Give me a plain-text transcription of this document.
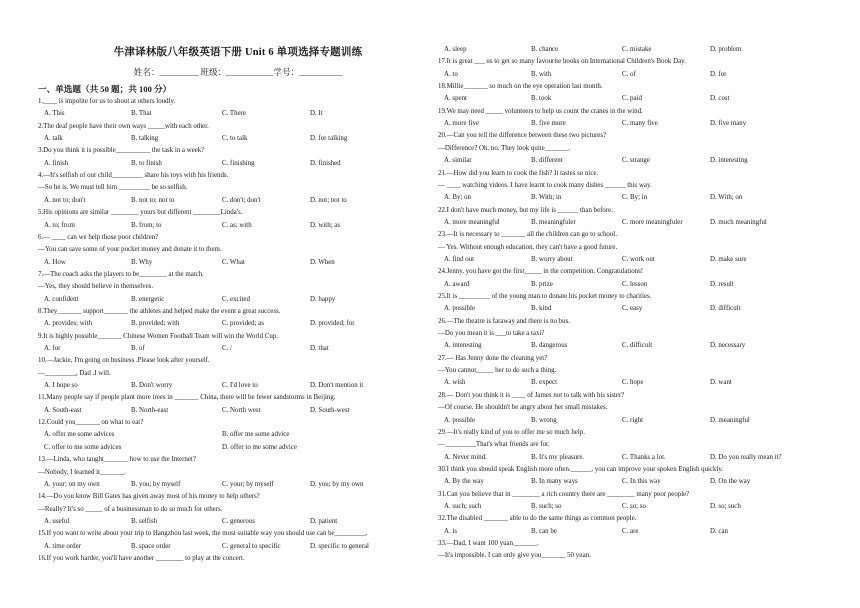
牛津译林版八年级英语下册 Unit 6 单项选择专题训练
姓名：_________ 班级：___________学号：__________
一、单选题（共 50 题；共 100 分）
1.____ is impolite for us to shout at others loudly.
A. This	B. That	C. There	D. It
2.The deaf people have their own ways _____with each other.
A. talk	B. talking	C. to talk	D. for talking
3.Do you think it is possible__________ the task in a week?
A. finish	B. to finish	C. finishing	D. finished
4.—It's selfish of our child_________ share his toys with his friends.
—So he is. We must tell him _________ be so selfish.
A. not to; don't	B. not to; not to	C. don't; don't	D. not; not to
5.His opinions are similar ________ yours but different ________Linda's.
A. to; from	B. from; to	C. as; with	D. with; as
6.— ____ can we help those poor children?
—You can save some of your pocket money and donate it to them.
A. How	B. Why	C. What	D. When
7.—The coach asks the players to be________ at the match.
—Yes, they should believe in themselves.
A. confident	B. energetic	C. excited	D. happy
8.They_______ support_______ the athletes and helped make the event a great success.
A. provides; with	B. provided; with	C. provided; as	D. provided; for
9.It is highly possible_______ Chinese Women Football Team will win the World Cup.
A. for	B. of	C. /	D. that
10.—Jackie, I'm going on business .Please look after yourself.
—_________, Dad .I will.
A. I hope so	B. Don't worry	C. I'd love to	D. Don't mention it
11.Many people say if people plant more trees in _______ China, there will be fewer sandstorms in Beijing.
A. South-east	B. North-east	C. North west	D. South-west
12.Could you_______ on what to eat?
A. offer me some advices	B. offer me some advice
C. offer to me some advices	D. offer to me some advice
13.—Linda, who taught_______ how to use the Internet?
—Nobody, I learned it_______.
A. your; on my own	B. you; by myself	C. your; by myself	D. you; by my own
14.—Do you know Bill Gates has given away most of his money to help others?
—Really? It's so _____ of a businessman to do so much for others.
A. useful	B. selfish	C. generous	D. patient
15.If you want to write about your trip to Hangzhou last week, the most suitable way you should use can be_________.
A. time order	B. space order	C. general to specific	D. specific to general
16.If you work harder, you'll have another ________ to play at the concert.
A. sleep	B. chance	C. mistake	D. problem
17.It is great ___ us to get so many favourite books on International Children's Book Day.
A. to	B. with	C. of	D. for
18.Millie_______ so much on the eye operation last month.
A. spent	B. took	C. paid	D. cost
19.We may need _____ volunteers to help us count the cranes in the wind.
A. more five	B. five more	C. many five	D. five many
20.—Can you tell the difference between these two pictures?
—Difference? Oh, no. They look quite_______.
A. similar	B. different	C. strange	D. interesting
21.—How did you learn to cook the fish? It tastes so nice.
— ____ watching videos. I have learnt to cook many dishes ______ this way.
A. By; on	B. With; in	C. By; in	D. With; on
22.I don't have much money, but my life is ______ than before.
A. more meaningful	B. meaningfuler	C. more meaningfuler	D. much meaningful
23.—It is necessary to _______ all the children can go to school.
— Yes. Without enough education, they can't have a good future.
A. find out	B. worry about	C. work out	D. make sure
24.Jenny, you have got the first_____ in the competition. Congratulations!
A. award	B. prize	C. lesson	D. result
25.It is _________ of the young man to donate his pocket money to charities.
A. possible	B. kind	C. easy	D. difficult
26.—The theatre is faraway and there is no bus.
—Do you mean it is ___to take a taxi?
A. interesting	B. dangerous	C. difficult	D. necessary
27.— Has Jenny done the cleaning yet?
—You cannot_____ her to do such a thing.
A. wish	B. expect	C. hope	D. want
28.— Don't you think it is ____ of James not to talk with his sister?
—Of course. He shouldn't be angry about her small mistakes.
A. possible	B. wrong	C. right	D. meaningful
29.—It's really kind of you to offer me so much help.
—_________That's what friends are for.
A. Never mind.	B. It's my pleasure.	C. Thanks a lot.	D. Do you really mean it?
30.I think you should speak English more often.______, you can improve your spoken English quickly.
A. By the way	B. In many ways	C. In this way	D. On the way
31.Can you believe that in ________ a rich country there are ________ many poor people?
A. such; such	B. such; so	C. so; so	D. so; such
32.The disabled _______ able to do the same things as common people.
A. is	B. can be	C. are	D. can
33.—Dad, I want 100 yuan_______.
—It's impossible. I can only give you_______ 50 yuan.
